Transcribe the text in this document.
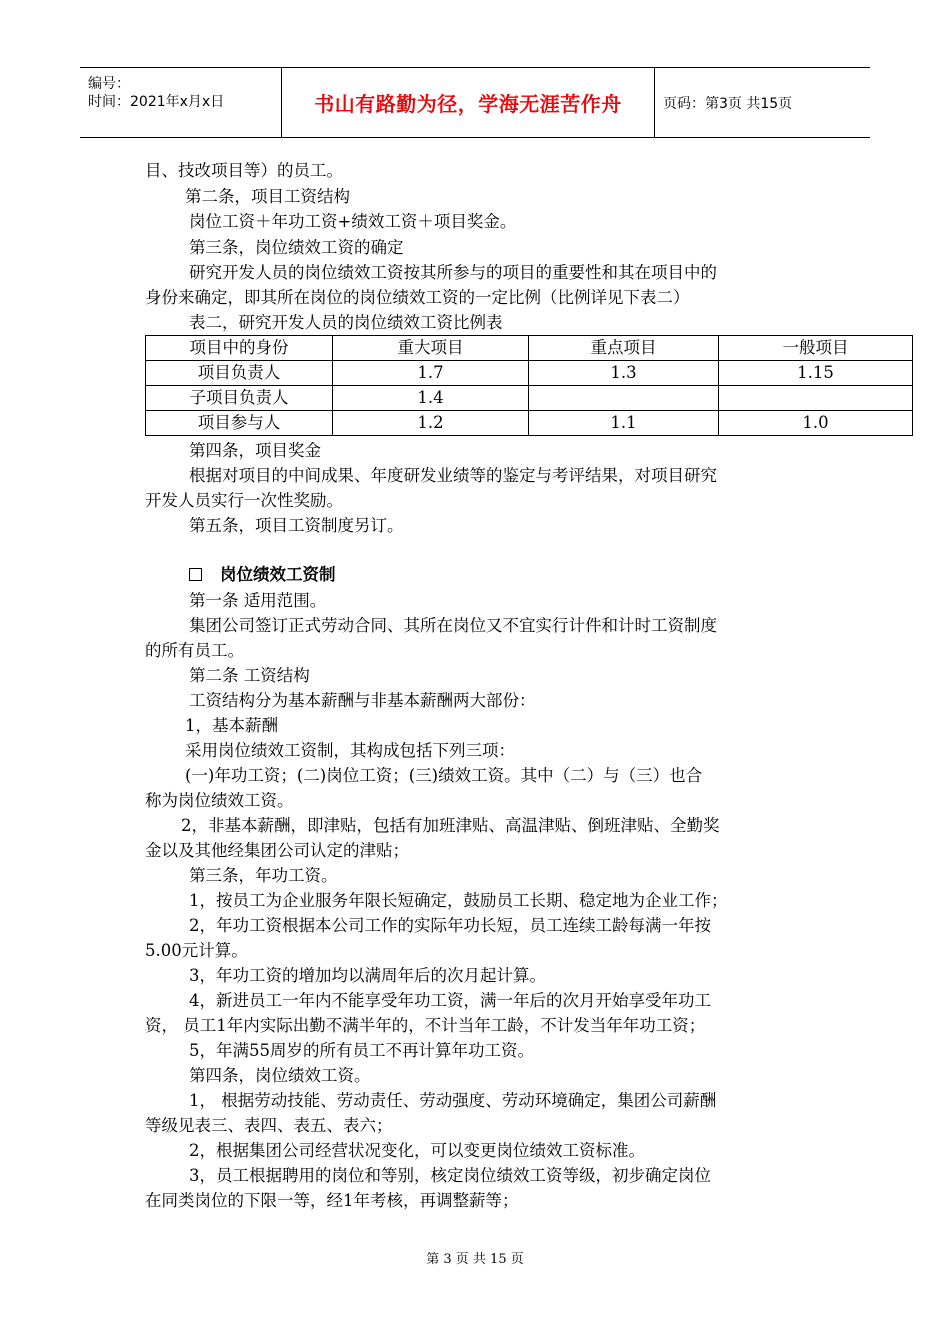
编号：
时间：2021年x月x日	书山有路勤为径，学海无涯苦作舟	页码：第3页 共15页
目、技改项目等）的员工。
第二条，项目工资结构
岗位工资＋年功工资+绩效工资＋项目奖金。
第三条，岗位绩效工资的确定
研究开发人员的岗位绩效工资按其所参与的项目的重要性和其在项目中的
身份来确定，即其所在岗位的岗位绩效工资的一定比例（比例详见下表二）
表二，研究开发人员的岗位绩效工资比例表
项目中的身份	重大项目	重点项目	一般项目
项目负责人	1.7	1.3	1.15
子项目负责人	1.4		
项目参与人	1.2	1.1	1.0
第四条，项目奖金
根据对项目的中间成果、年度研发业绩等的鉴定与考评结果，对项目研究
开发人员实行一次性奖励。
第五条，项目工资制度另订。
岗位绩效工资制
第一条 适用范围。
集团公司签订正式劳动合同、其所在岗位又不宜实行计件和计时工资制度
的所有员工。
第二条 工资结构
工资结构分为基本薪酬与非基本薪酬两大部份：
1，基本薪酬
采用岗位绩效工资制，其构成包括下列三项：
(一)年功工资；(二)岗位工资；(三)绩效工资。其中（二）与（三）也合
称为岗位绩效工资。
2，非基本薪酬，即津贴，包括有加班津贴、高温津贴、倒班津贴、全勤奖
金以及其他经集团公司认定的津贴；
第三条，年功工资。
1，按员工为企业服务年限长短确定，鼓励员工长期、稳定地为企业工作；
2，年功工资根据本公司工作的实际年功长短，员工连续工龄每满一年按
5.00元计算。
3，年功工资的增加均以满周年后的次月起计算。
4，新进员工一年内不能享受年功工资，满一年后的次月开始享受年功工
资， 员工1年内实际出勤不满半年的，不计当年工龄，不计发当年年功工资；
5，年满55周岁的所有员工不再计算年功工资。
第四条，岗位绩效工资。
1， 根据劳动技能、劳动责任、劳动强度、劳动环境确定，集团公司薪酬
等级见表三、表四、表五、表六；
2，根据集团公司经营状况变化，可以变更岗位绩效工资标准。
3，员工根据聘用的岗位和等别，核定岗位绩效工资等级，初步确定岗位
在同类岗位的下限一等，经1年考核，再调整薪等；
第 3 页 共 15 页
